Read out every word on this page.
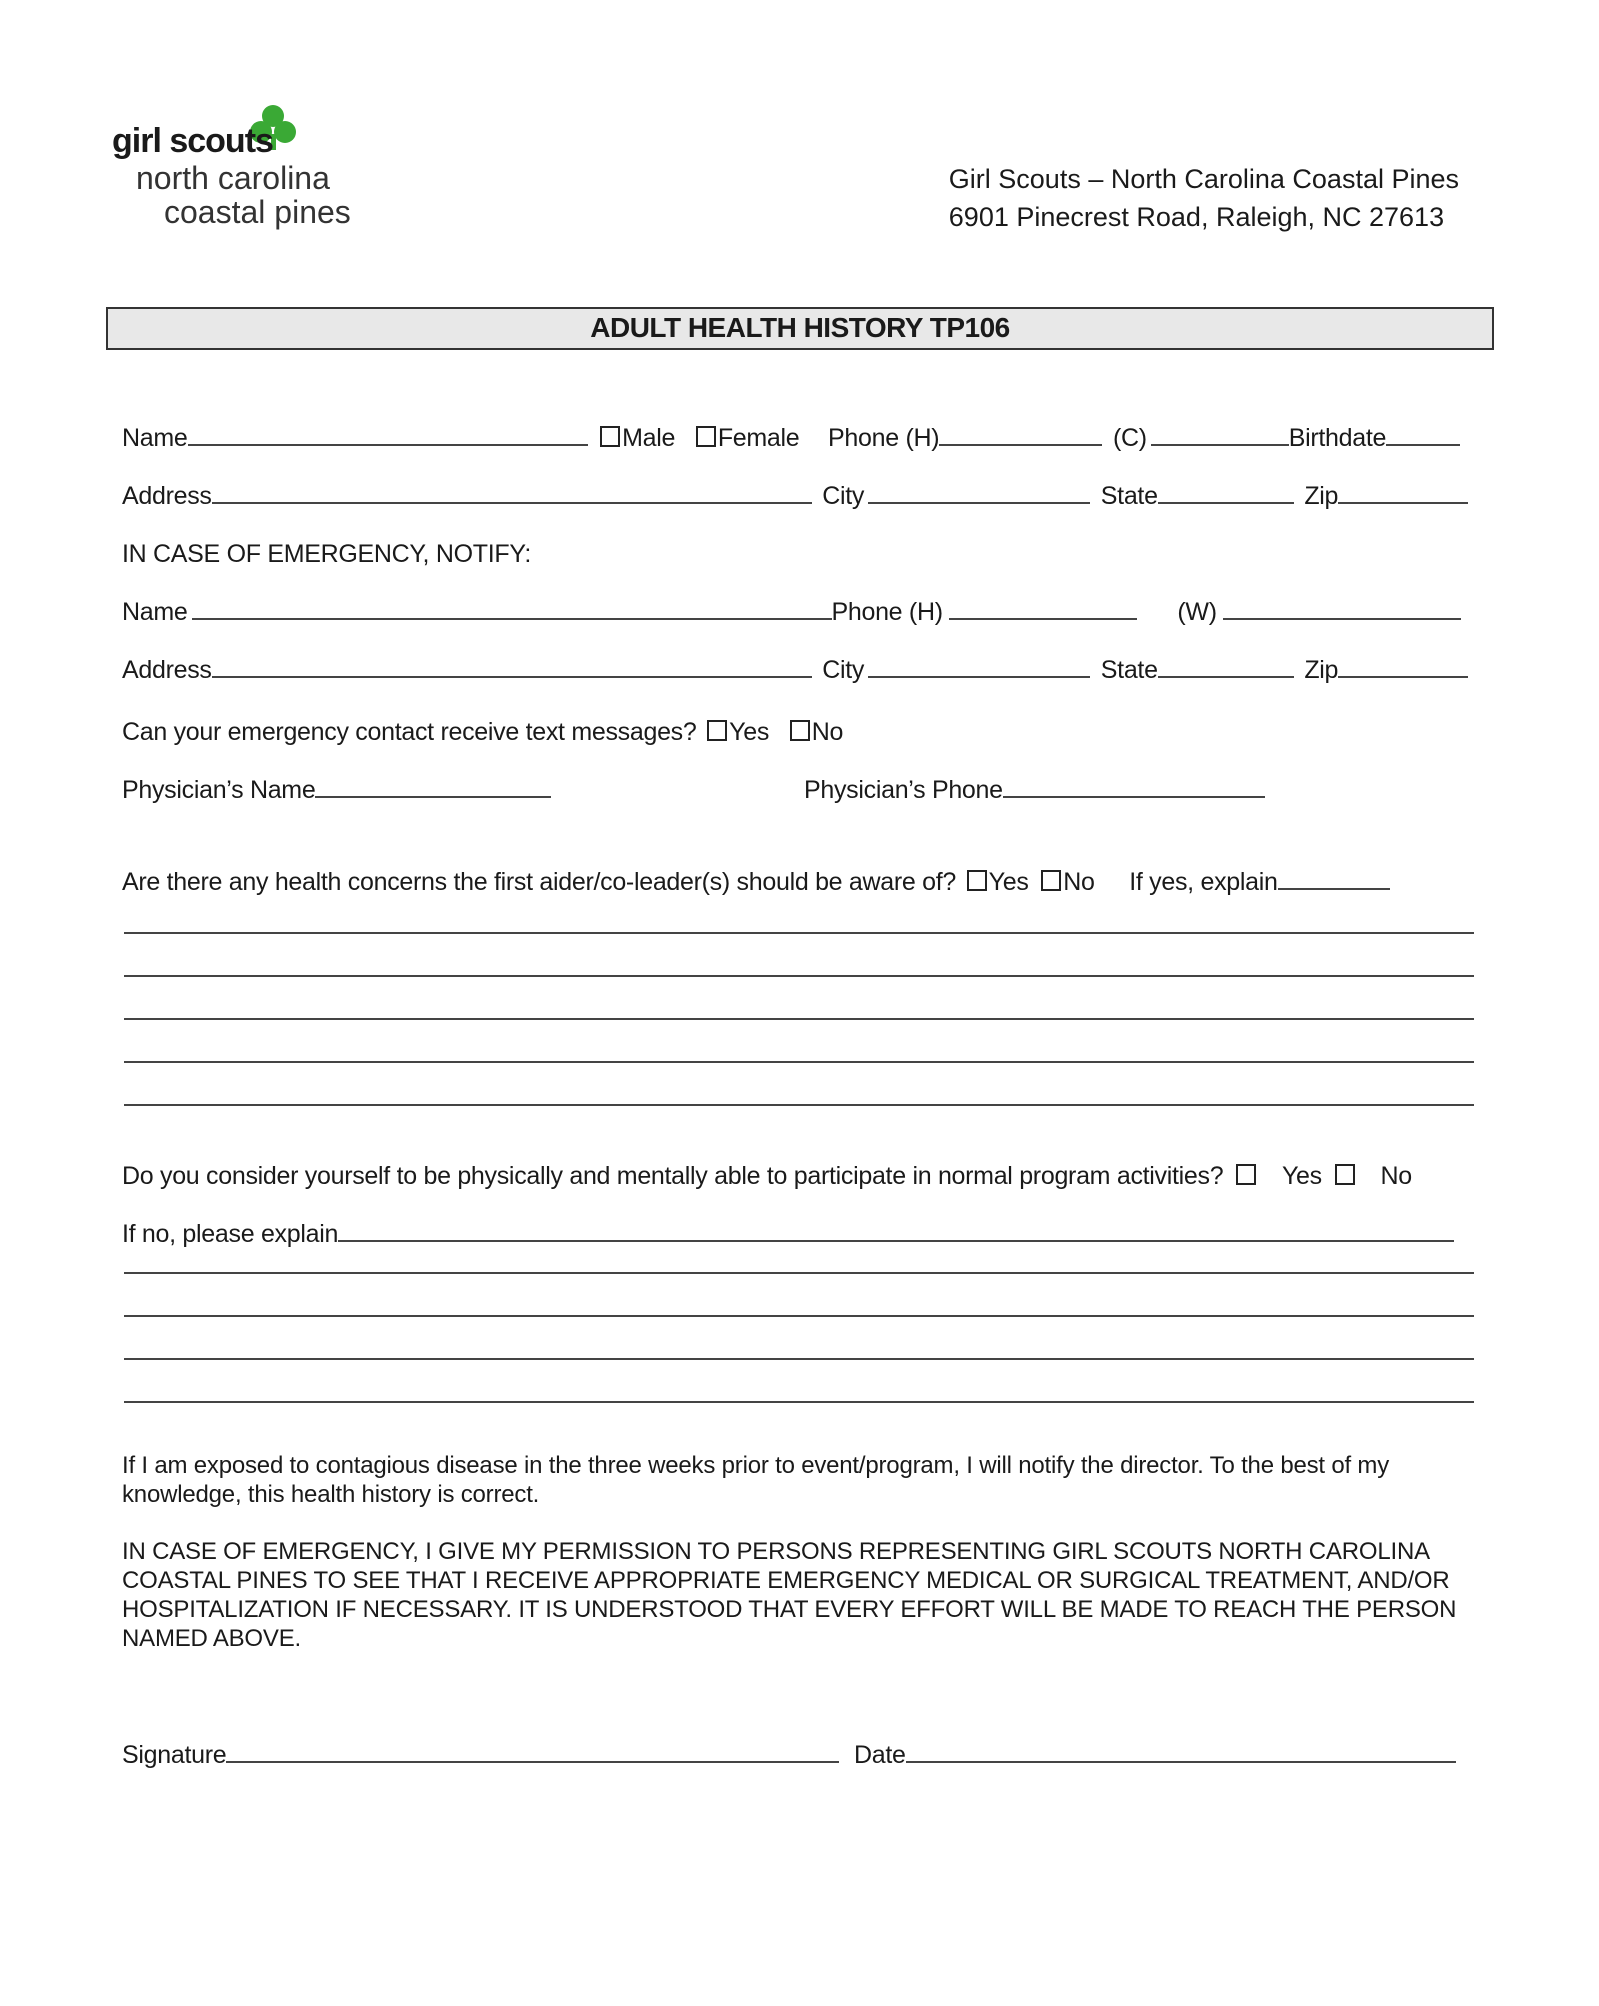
girl scouts
north carolina
coastal pines
Girl Scouts – North Carolina Coastal Pines
6901 Pinecrest Road, Raleigh, NC 27613
ADULT HEALTH HISTORY TP106
Name	Male Female Phone (H)	(C)	Birthdate
Address	City	State	Zip
IN CASE OF EMERGENCY, NOTIFY:
Name	Phone (H)	(W)
Address	City	State	Zip
Can your emergency contact receive text messages? Yes No
Physician’s Name	Physician’s Phone
Are there any health concerns the first aider/co-leader(s) should be aware of? Yes No If yes, explain
Do you consider yourself to be physically and mentally able to participate in normal program activities? Yes No
If no, please explain
If I am exposed to contagious disease in the three weeks prior to event/program, I will notify the director. To the best of my knowledge, this health history is correct.
IN CASE OF EMERGENCY, I GIVE MY PERMISSION TO PERSONS REPRESENTING GIRL SCOUTS NORTH CAROLINA COASTAL PINES TO SEE THAT I RECEIVE APPROPRIATE EMERGENCY MEDICAL OR SURGICAL TREATMENT, AND/OR HOSPITALIZATION IF NECESSARY. IT IS UNDERSTOOD THAT EVERY EFFORT WILL BE MADE TO REACH THE PERSON NAMED ABOVE.
Signature	Date
